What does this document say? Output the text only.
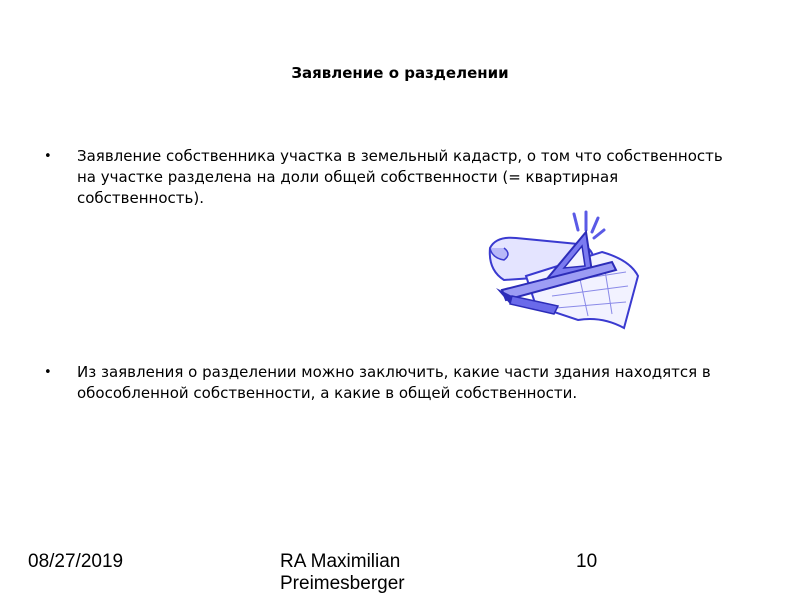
Заявление о разделении
•	Заявление собственника участка в земельный кадастр, о том что собственность на участке разделена на доли общей собственности (= квартирная собственность).
•	Из заявления о разделении можно заключить, какие части здания находятся в обособленной собственности, а какие в общей собственности.
08/27/2019	RA Maximilian Preimesberger
10
